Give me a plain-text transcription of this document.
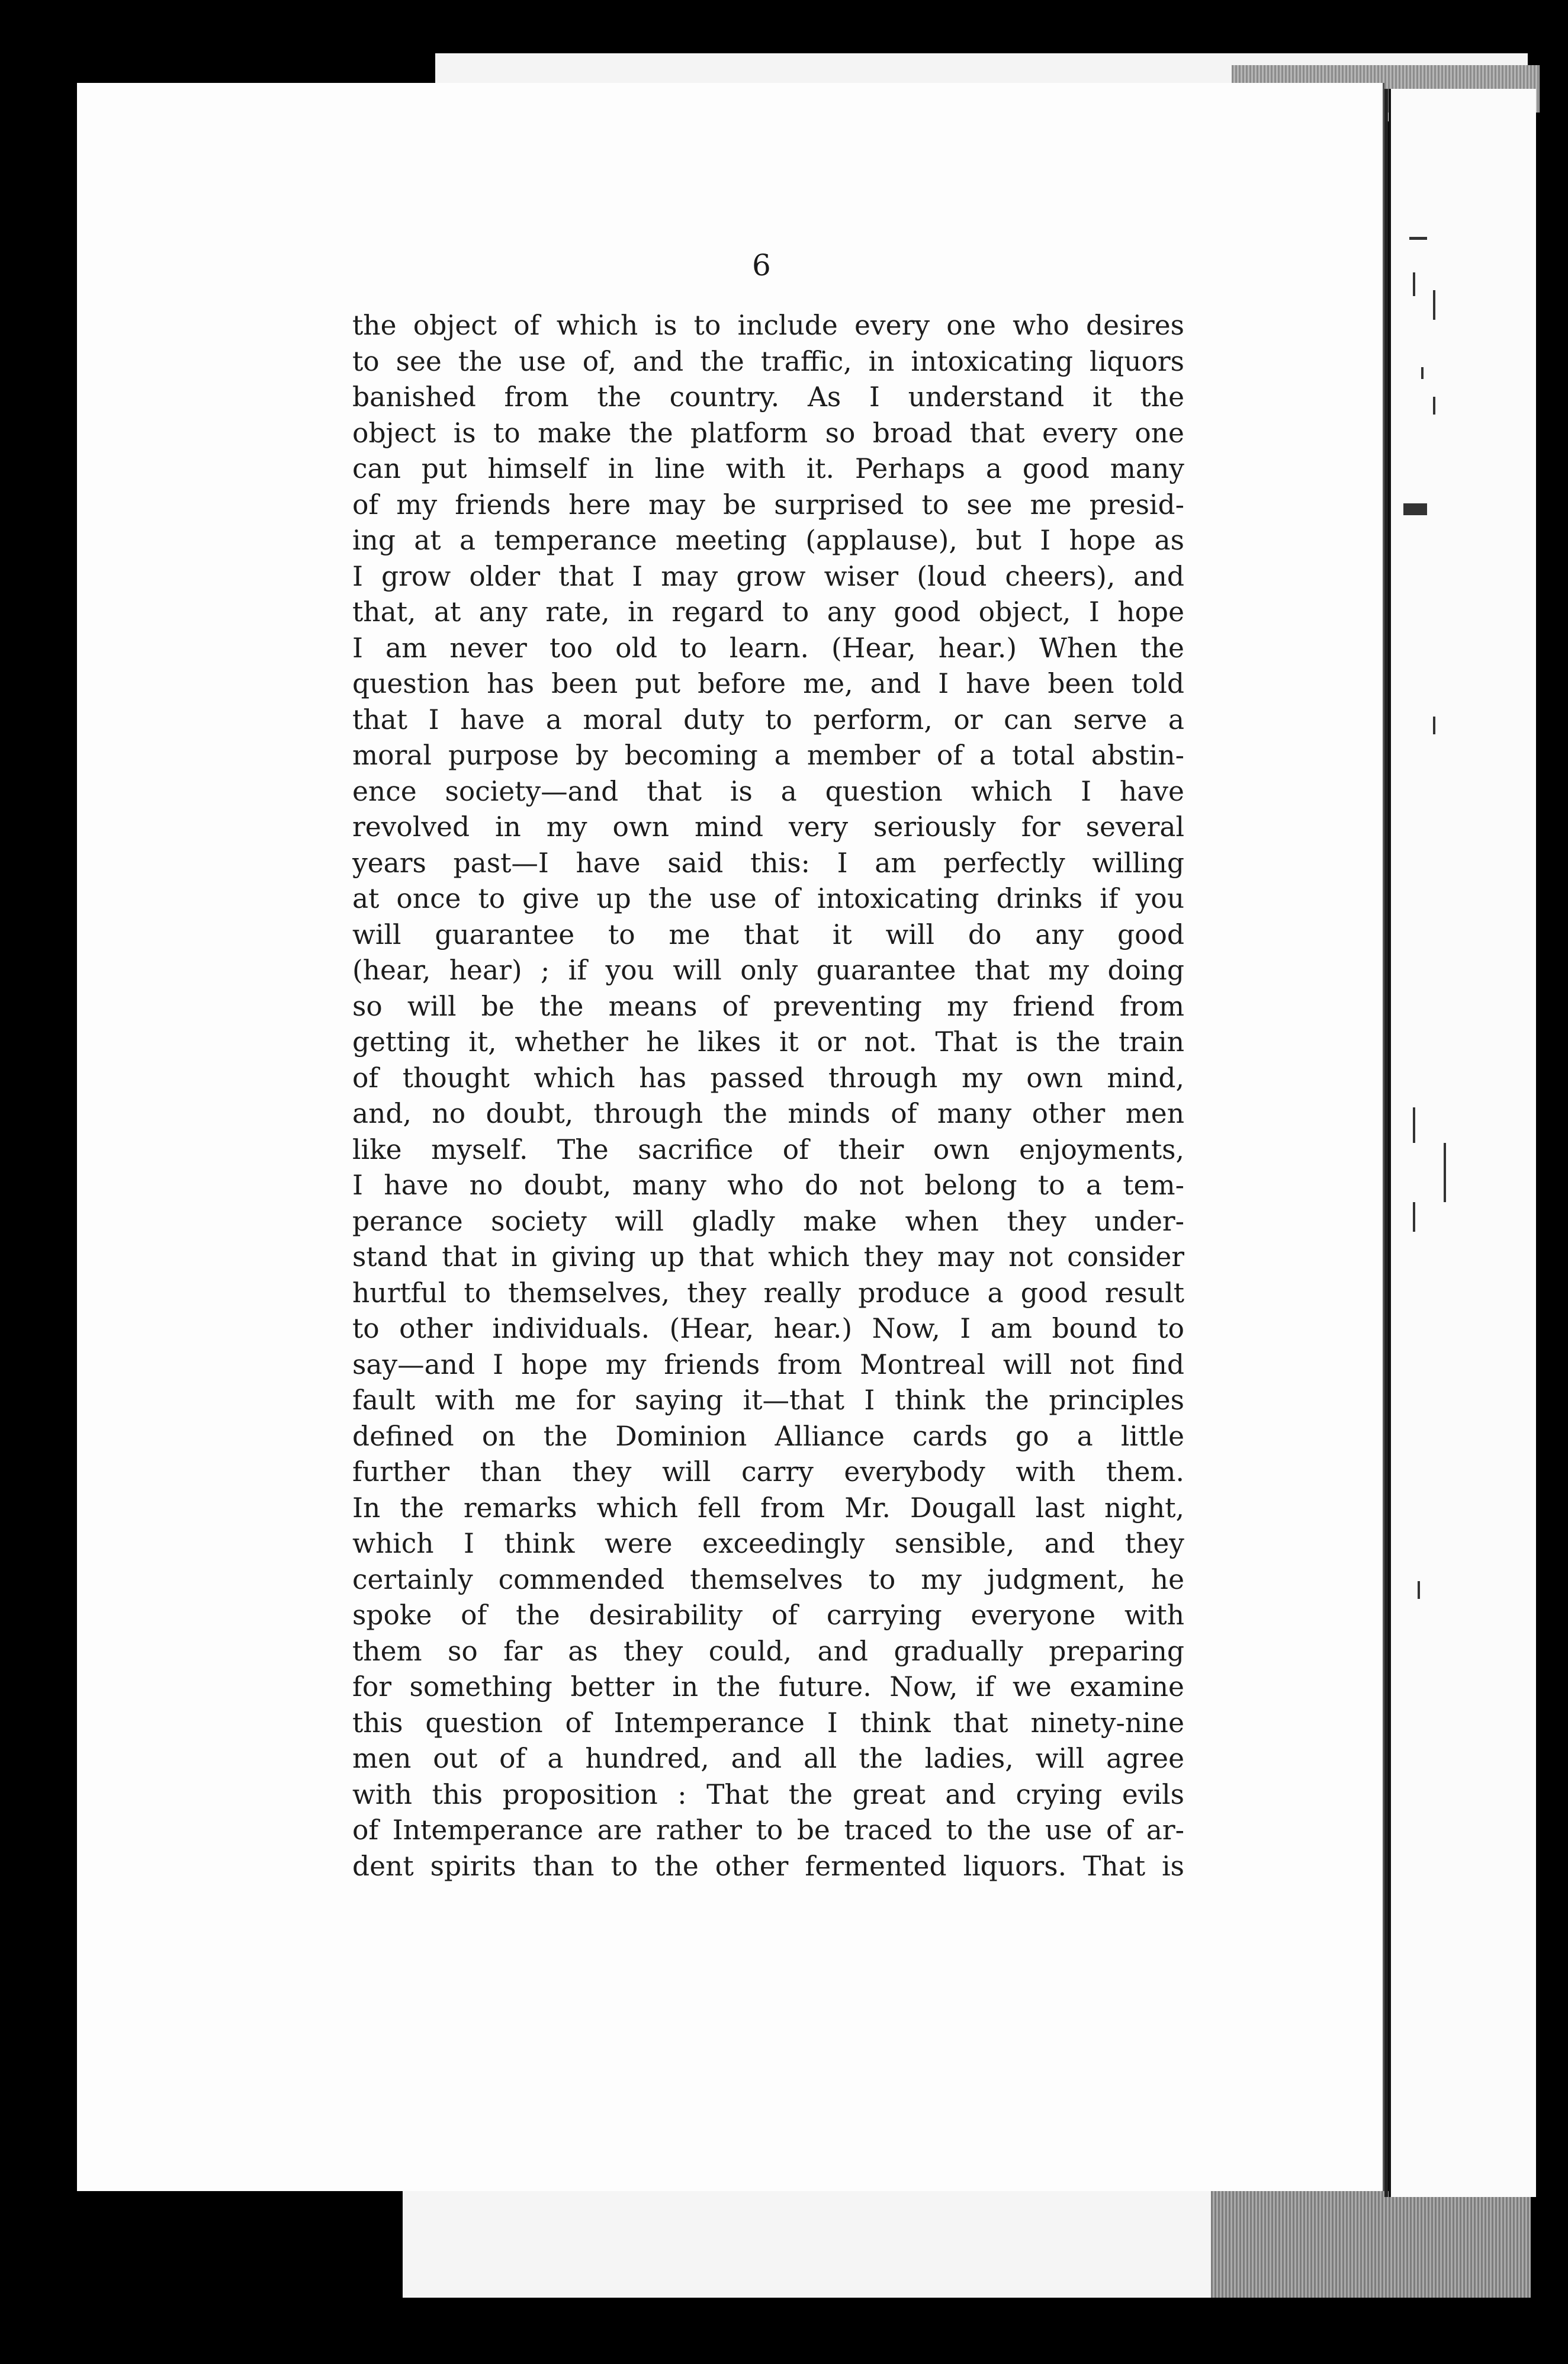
6
the object of which is to include every one who desires
to see the use of, and the traffic, in intoxicating liquors
banished from the country. As I understand it the
object is to make the platform so broad that every one
can put himself in line with it. Perhaps a good many
of my friends here may be surprised to see me presid-
ing at a temperance meeting (applause), but I hope as
I grow older that I may grow wiser (loud cheers), and
that, at any rate, in regard to any good object, I hope
I am never too old to learn. (Hear, hear.) When the
question has been put before me, and I have been told
that I have a moral duty to perform, or can serve a
moral purpose by becoming a member of a total abstin-
ence society—and that is a question which I have
revolved in my own mind very seriously for several
years past—I have said this: I am perfectly willing
at once to give up the use of intoxicating drinks if you
will guarantee to me that it will do any good
(hear, hear) ; if you will only guarantee that my doing
so will be the means of preventing my friend from
getting it, whether he likes it or not. That is the train
of thought which has passed through my own mind,
and, no doubt, through the minds of many other men
like myself. The sacrifice of their own enjoyments,
I have no doubt, many who do not belong to a tem-
perance society will gladly make when they under-
stand that in giving up that which they may not consider
hurtful to themselves, they really produce a good result
to other individuals. (Hear, hear.) Now, I am bound to
say—and I hope my friends from Montreal will not find
fault with me for saying it—that I think the principles
defined on the Dominion Alliance cards go a little
further than they will carry everybody with them.
In the remarks which fell from Mr. Dougall last night,
which I think were exceedingly sensible, and they
certainly commended themselves to my judgment, he
spoke of the desirability of carrying everyone with
them so far as they could, and gradually preparing
for something better in the future. Now, if we examine
this question of Intemperance I think that ninety-nine
men out of a hundred, and all the ladies, will agree
with this proposition : That the great and crying evils
of Intemperance are rather to be traced to the use of ar-
dent spirits than to the other fermented liquors. That is
